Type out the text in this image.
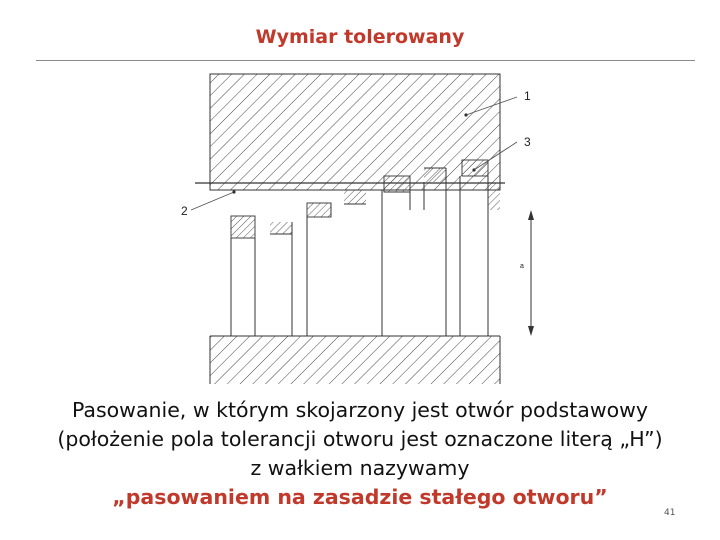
Wymiar tolerowany
1
3
2
a
Pasowanie, w którym skojarzony jest otwór podstawowy
(położenie pola tolerancji otworu jest oznaczone literą „H”)
z wałkiem nazywamy
„pasowaniem na zasadzie stałego otworu”
41
